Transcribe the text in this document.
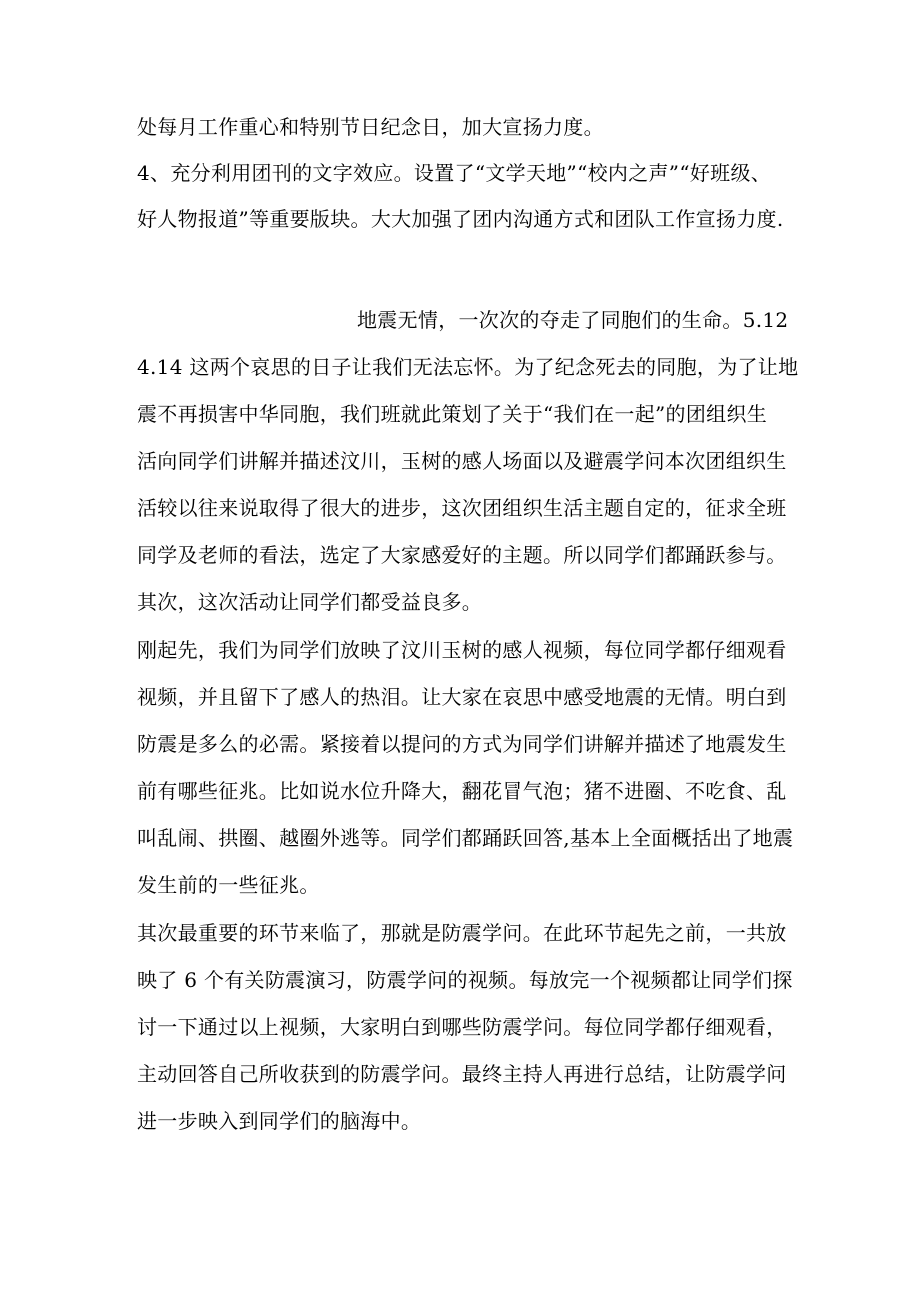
处每月工作重心和特别节日纪念日，加大宣扬力度。
4、充分利用团刊的文字效应。设置了“文学天地”“校内之声”“好班级、
好人物报道”等重要版块。大大加强了团内沟通方式和团队工作宣扬力度.
地震无情，一次次的夺走了同胞们的生命。5.12
4.14 这两个哀思的日子让我们无法忘怀。为了纪念死去的同胞，为了让地
震不再损害中华同胞，我们班就此策划了关于“我们在一起”的团组织生
活向同学们讲解并描述汶川，玉树的感人场面以及避震学问本次团组织生
活较以往来说取得了很大的进步，这次团组织生活主题自定的，征求全班
同学及老师的看法，选定了大家感爱好的主题。所以同学们都踊跃参与。
其次，这次活动让同学们都受益良多。
刚起先，我们为同学们放映了汶川玉树的感人视频，每位同学都仔细观看
视频，并且留下了感人的热泪。让大家在哀思中感受地震的无情。明白到
防震是多么的必需。紧接着以提问的方式为同学们讲解并描述了地震发生
前有哪些征兆。比如说水位升降大，翻花冒气泡；猪不进圈、不吃食、乱
叫乱闹、拱圈、越圈外逃等。同学们都踊跃回答,基本上全面概括出了地震
发生前的一些征兆。
其次最重要的环节来临了，那就是防震学问。在此环节起先之前，一共放
映了 6 个有关防震演习，防震学问的视频。每放完一个视频都让同学们探
讨一下通过以上视频，大家明白到哪些防震学问。每位同学都仔细观看，
主动回答自己所收获到的防震学问。最终主持人再进行总结，让防震学问
进一步映入到同学们的脑海中。
